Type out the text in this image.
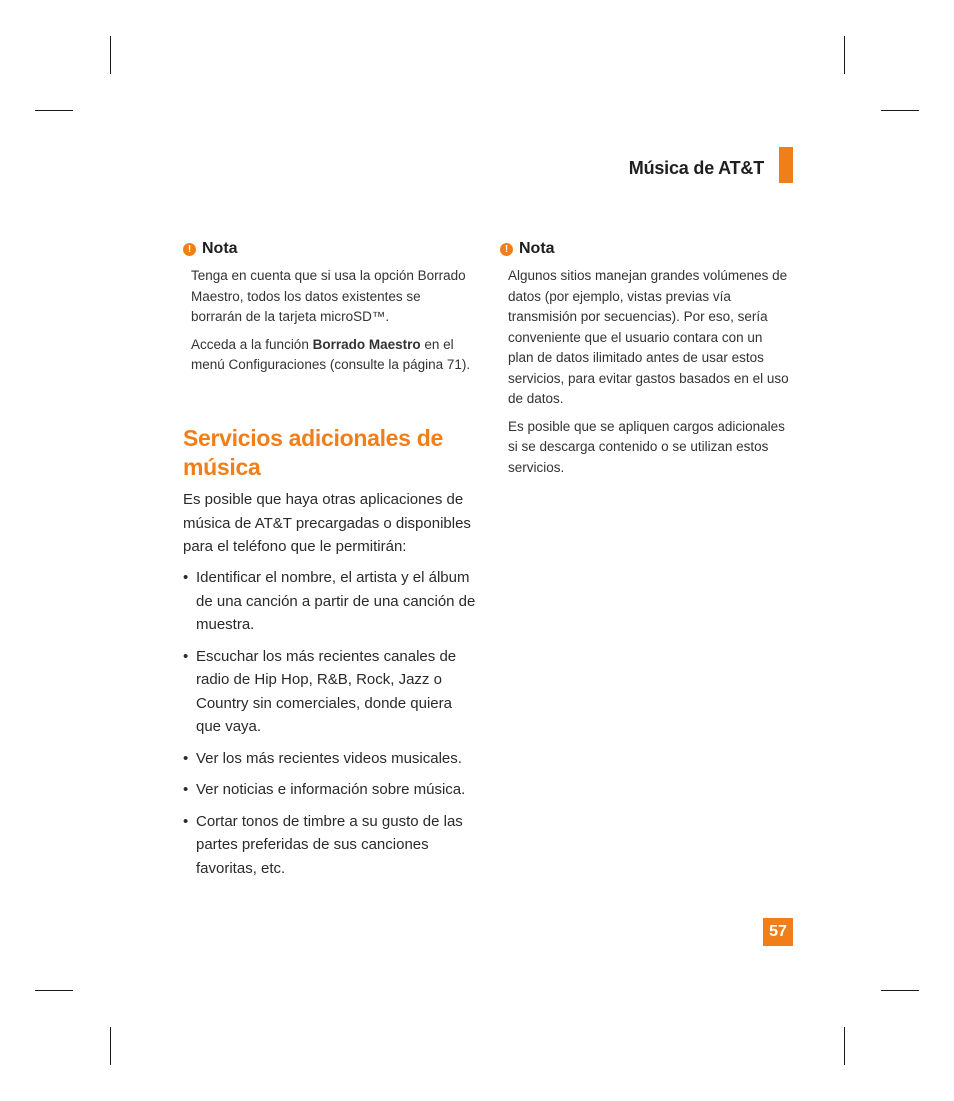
Música de AT&T
! Nota

Tenga en cuenta que si usa la opción Borrado Maestro, todos los datos existentes se borrarán de la tarjeta microSD™.

Acceda a la función Borrado Maestro en el menú Configuraciones (consulte la página 71).

Servicios adicionales de música

Es posible que haya otras aplicaciones de música de AT&T precargadas o disponibles para el teléfono que le permitirán:

• Identificar el nombre, el artista y el álbum de una canción a partir de una canción de muestra.
• Escuchar los más recientes canales de radio de Hip Hop, R&B, Rock, Jazz o Country sin comerciales, donde quiera que vaya.
• Ver los más recientes videos musicales.
• Ver noticias e información sobre música.
• Cortar tonos de timbre a su gusto de las partes preferidas de sus canciones favoritas, etc.
! Nota

Algunos sitios manejan grandes volúmenes de datos (por ejemplo, vistas previas vía transmisión por secuencias). Por eso, sería conveniente que el usuario contara con un plan de datos ilimitado antes de usar estos servicios, para evitar gastos basados en el uso de datos.

Es posible que se apliquen cargos adicionales si se descarga contenido o se utilizan estos servicios.

57
